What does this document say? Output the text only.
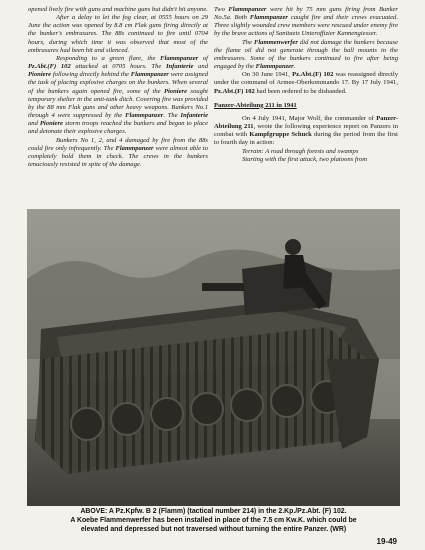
opened lively fire with guns and machine guns but didn't hit anyone.

After a delay to let the fog clear, at 0555 hours on 29 June the action was opened by 8.8 cm Flak guns firing directly at the bunker's embrasures. The 88s continued to fire until 0704 hours, during which time it was observed that most of the embrasures had been hit and silenced.

Responding to a green flare, the Flammpanzer of Pz.Abt.(F) 102 attacked at 0705 hours. The Infanterie and Pioniere following directly behind the Flammpanzer were assigned the task of placing explosive charges on the bunkers. When several of the bunkers again opened fire, some of the Pioniere sought temporary shelter in the anti-tank ditch. Covering fire was provided by the 88 mm Flak guns and other heavy weapons. Bunkers No.1 through 4 were suppressed by the Flammpanzer. The Infanterie and Pioniere storm troops reached the bunkers and began to place and detonate their explosive charges.

Bunkers No 1, 2, and 4 damaged by fire from the 88s could fire only infrequently. The Flammpanzer were almost able to completely hold them in check. The crews in the bunkers tenaciously resisted in spite of the damage.

Two Flammpanzer were hit by 75 mm guns firing from Bunker No.5a. Both Flammpanzer caught fire and their crews evacuated. Three slightly wounded crew members were rescued under enemy fire by the brave actions of Sanitaets Unteroffizier Kannengiesser.

The Flammenwerfer did not damage the bunkers because the flame oil did not generate through the ball mounts in the embrasures. Some of the bunkers continued to fire after being engaged by the Flammpanzer.

On 30 June 1941, Pz.Abt.(F) 102 was reassigned directly under the command of Armee-Oberkommando 17. By 17 July 1941, Pz.Abt.(F) 102 had been ordered to be disbanded.

Panzer-Abteilung 211 in 1941

On 4 July 1941, Major Wolf, the commander of Panzer-Abteilung 211, wrote the following experience report on Panzers in combat with Kampfgruppe Schuck during the period from the first to fourth day in action:

Terrain: A road through forests and swamps

Starting with the first attack, two platoons from

ABOVE: A Pz.Kpfw. B 2 (Flamm) (tactical number 214) in the 2.Kp./Pz.Abt. (F) 102.
A Koebe Flammenwerfer has been installed in place of the 7.5 cm Kw.K. which could be
elevated and depressed but not traversed without turning the entire Panzer. (WR)
19-49
